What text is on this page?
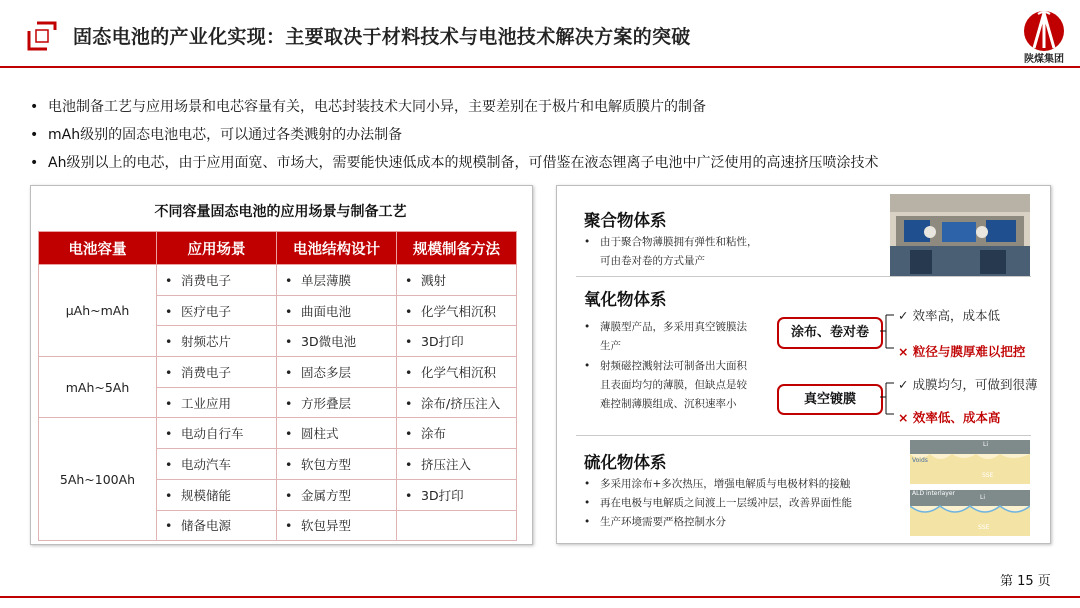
固态电池的产业化实现：主要取决于材料技术与电池技术解决方案的突破
陕煤集团
• 电池制备工艺与应用场景和电芯容量有关，电芯封装技术大同小异，主要差别在于极片和电解质膜片的制备
• mAh级别的固态电池电芯，可以通过各类溅射的办法制备
• Ah级别以上的电芯，由于应用面宽、市场大，需要能快速低成本的规模制备，可借鉴在液态锂离子电池中广泛使用的高速挤压喷涂技术
不同容量固态电池的应用场景与制备工艺
电池容量	应用场景	电池结构设计	规模制备方法
μAh~mAh	• 消费电子	• 单层薄膜	• 溅射
	• 医疗电子	• 曲面电池	• 化学气相沉积
	• 射频芯片	• 3D微电池	• 3D打印
mAh~5Ah	• 消费电子	• 固态多层	• 化学气相沉积
	• 工业应用	• 方形叠层	• 涂布/挤压注入
5Ah~100Ah	• 电动自行车	• 圆柱式	• 涂布
	• 电动汽车	• 软包方型	• 挤压注入
	• 规模储能	• 金属方型	• 3D打印
	• 储备电源	• 软包异型	
聚合物体系
• 由于聚合物薄膜拥有弹性和粘性，
可由卷对卷的方式量产
氧化物体系
• 薄膜型产品，多采用真空镀膜法
生产
• 射频磁控溅射法可制备出大面积
且表面均匀的薄膜，但缺点是较
难控制薄膜组成、沉积速率小
涂布、卷对卷
真空镀膜
✓ 效率高，成本低
× 粒径与膜厚难以把控
✓ 成膜均匀，可做到很薄
× 效率低、成本高
硫化物体系
• 多采用涂布+多次热压，增强电解质与电极材料的接触
• 再在电极与电解质之间渡上一层缓冲层，改善界面性能
• 生产环境需要严格控制水分
Li
Voids
SSE
ALD interlayer
Li
SSE
第 15 页
